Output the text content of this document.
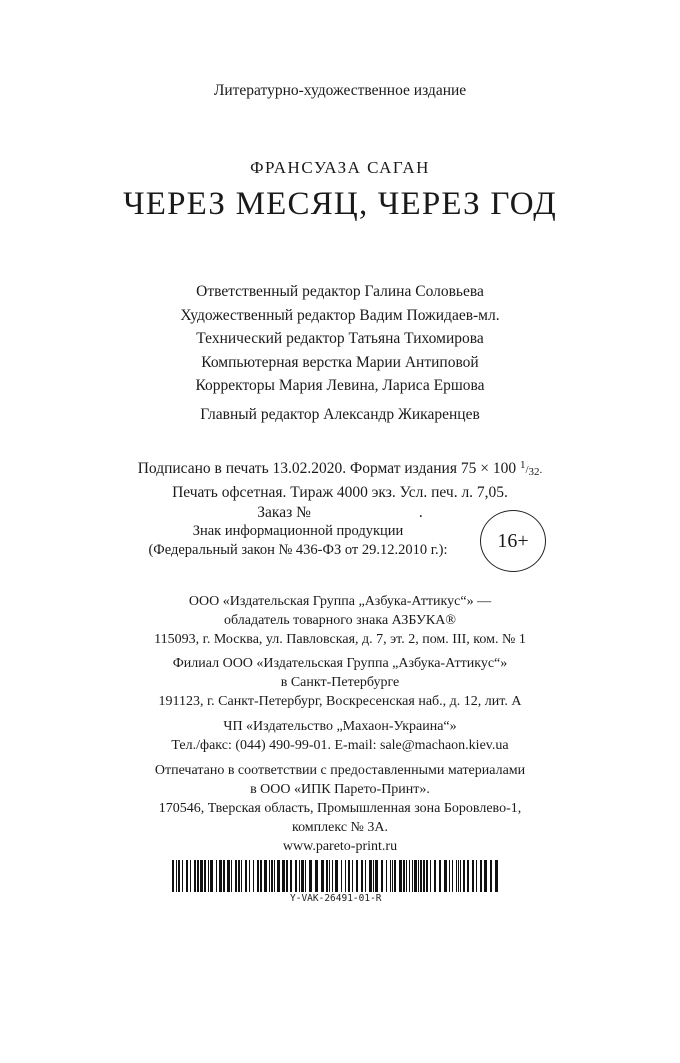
Литературно-художественное издание
ФРАНСУАЗА САГАН
ЧЕРЕЗ МЕСЯЦ, ЧЕРЕЗ ГОД
Ответственный редактор Галина Соловьева
Художественный редактор Вадим Пожидаев-мл.
Технический редактор Татьяна Тихомирова
Компьютерная верстка Марии Антиповой
Корректоры Мария Левина, Лариса Ершова
Главный редактор Александр Жикаренцев
Подписано в печать 13.02.2020. Формат издания 75 × 100 1/32.
Печать офсетная. Тираж 4000 экз. Усл. печ. л. 7,05.
Заказ №	.
Знак информационной продукции
(Федеральный закон № 436-ФЗ от 29.12.2010 г.):	16+
ООО «Издательская Группа „Азбука-Аттикус“» —
обладатель товарного знака АЗБУКА®
115093, г. Москва, ул. Павловская, д. 7, эт. 2, пом. III, ком. № 1
Филиал ООО «Издательская Группа „Азбука-Аттикус“»
в Санкт-Петербурге
191123, г. Санкт-Петербург, Воскресенская наб., д. 12, лит. А
ЧП «Издательство „Махаон-Украина“»
Тел./факс: (044) 490-99-01. E-mail: sale@machaon.kiev.ua
Отпечатано в соответствии с предоставленными материалами
в ООО «ИПК Парето-Принт».
170546, Тверская область, Промышленная зона Боровлево-1,
комплекс № 3А.
www.pareto-print.ru
Y-VAK-26491-01-R
